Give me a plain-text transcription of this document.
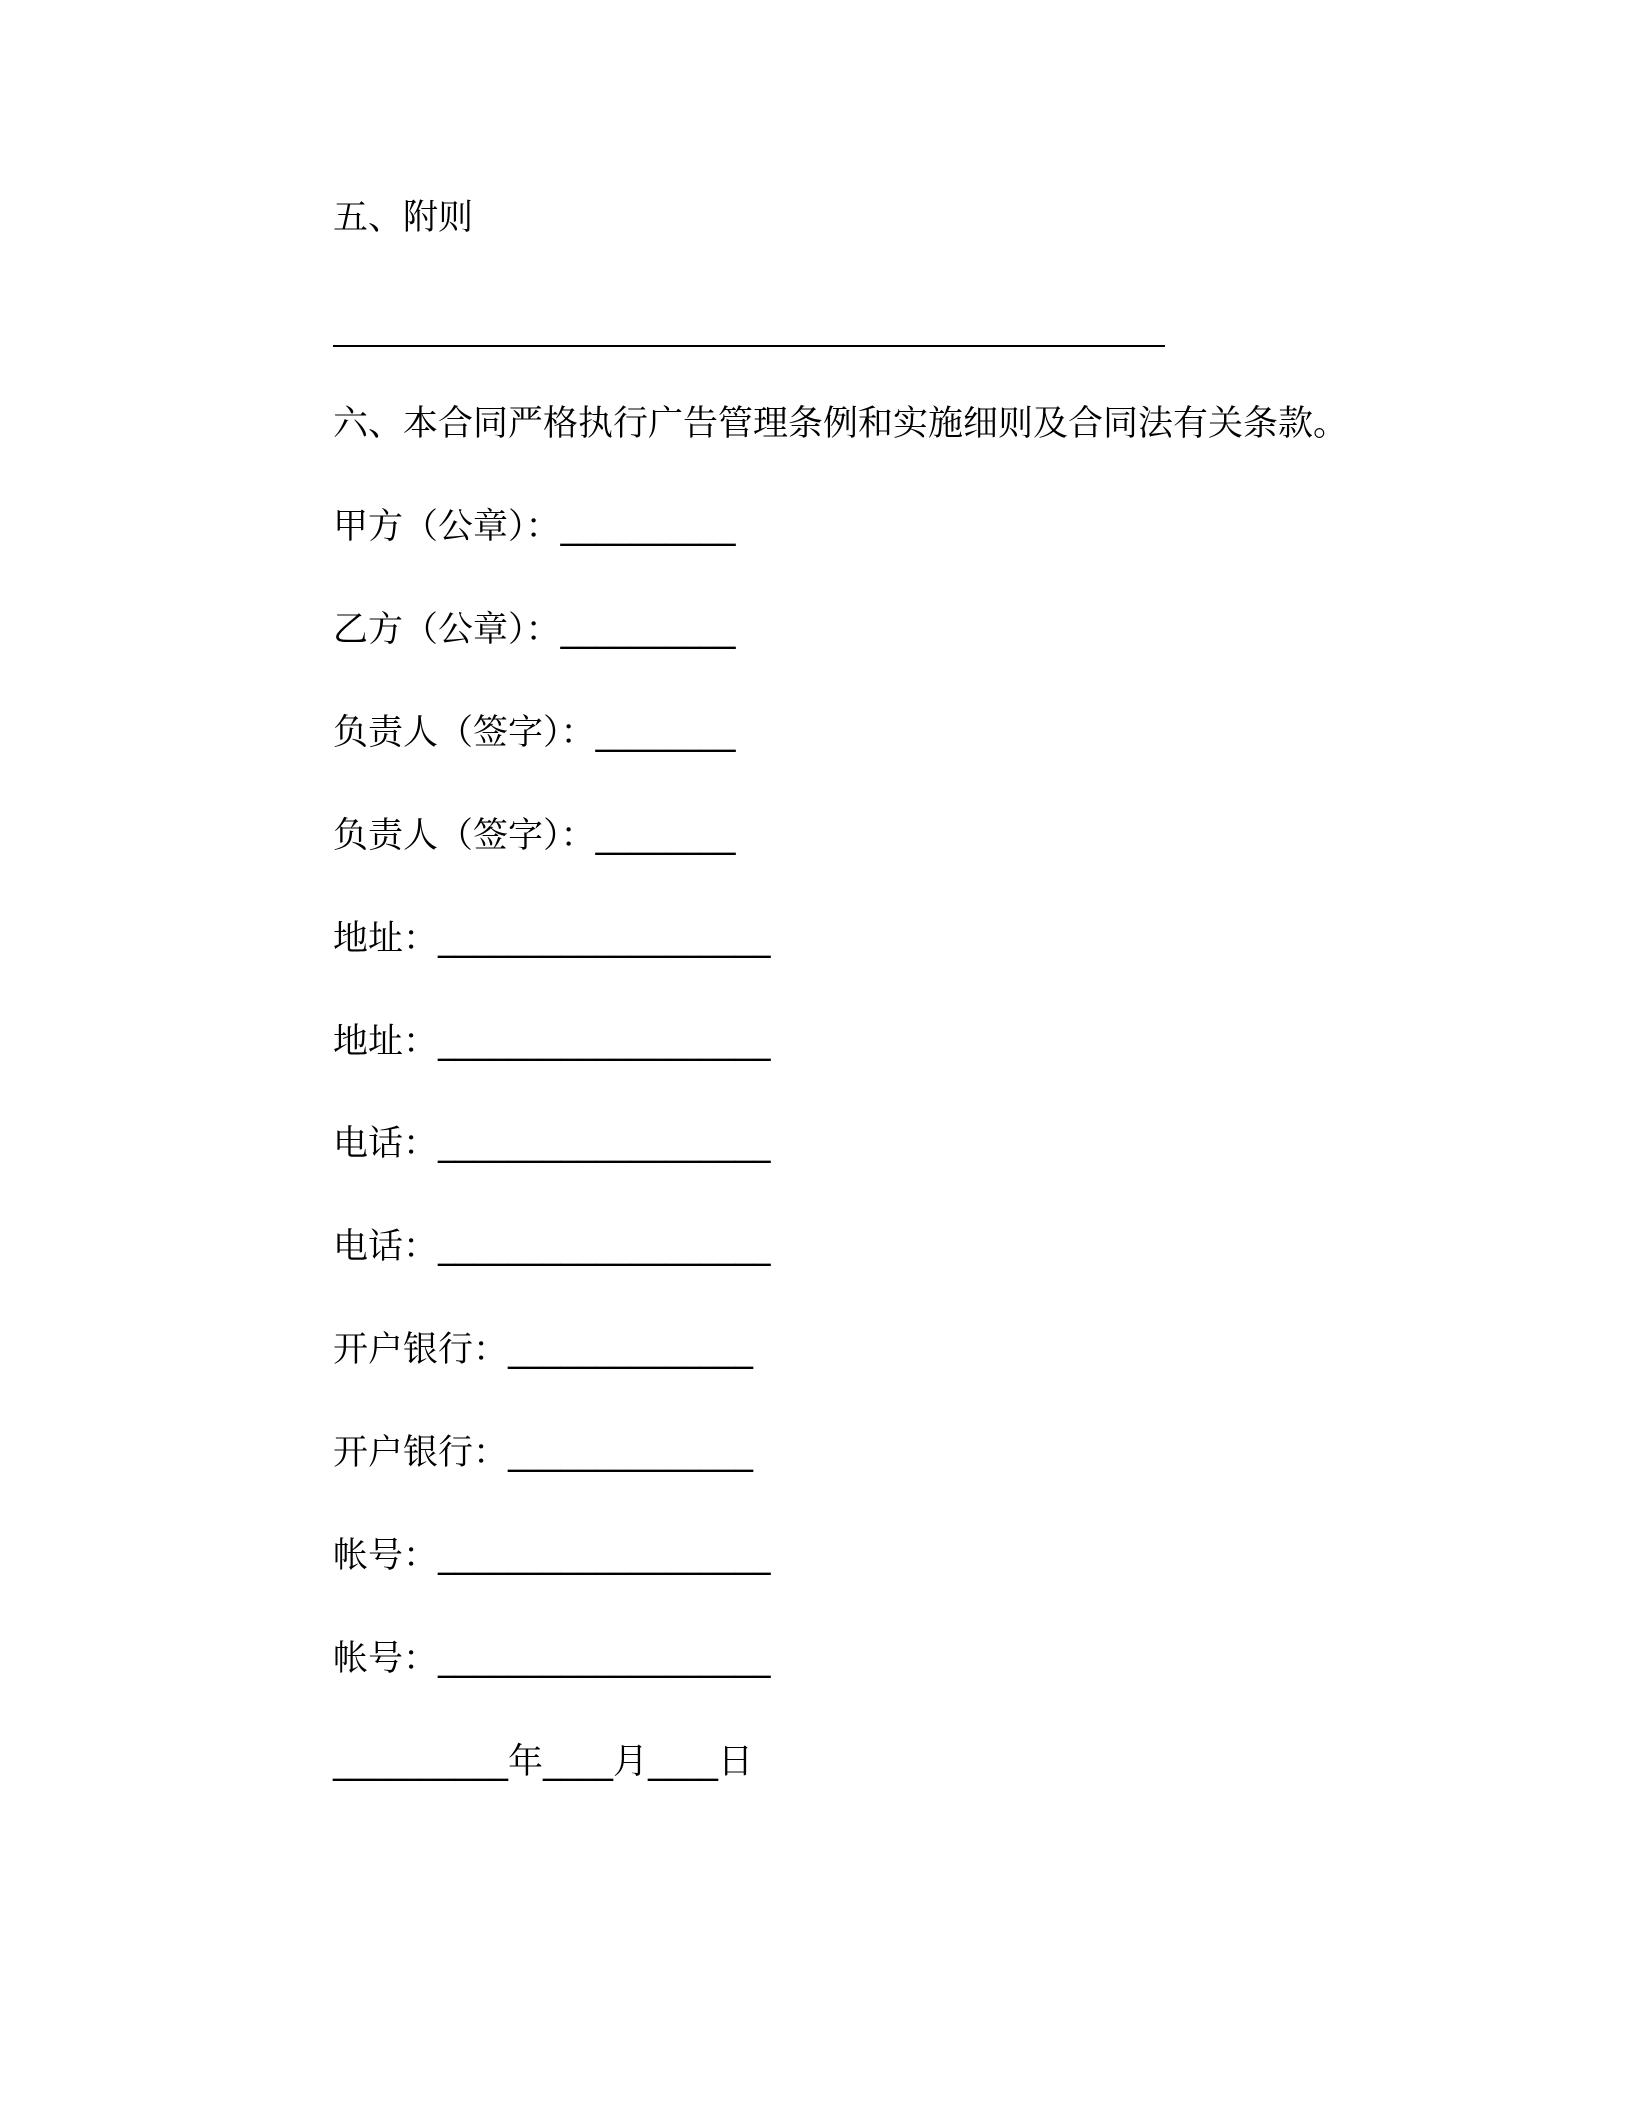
五、附则
六、本合同严格执行广告管理条例和实施细则及合同法有关条款。
甲方（公章）：__________
乙方（公章）：__________
负责人（签字）：________
负责人（签字）：________
地址：___________________
地址：___________________
电话：___________________
电话：___________________
开户银行：______________
开户银行：______________
帐号：___________________
帐号：___________________
__________年____月____日
